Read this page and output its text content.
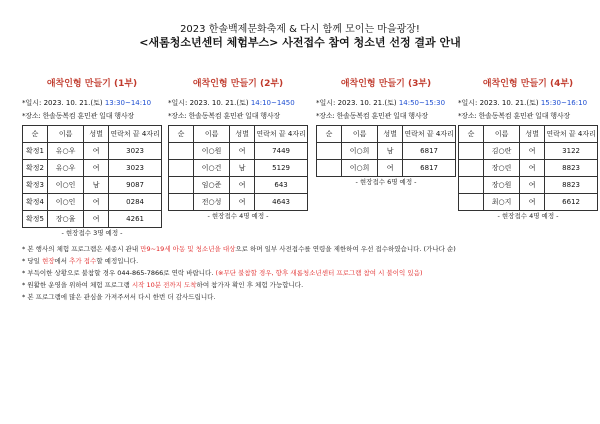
2023 한솔백제문화축제 & 다시 함께 모이는 마을광장!
<새롬청소년센터 체험부스> 사전접수 참여 청소년 선정 결과 안내
애착인형 만들기 (1부)
*일시: 2023. 10. 21.(토) 13:30~14:10
*장소: 한솔동복컴 훈민관 일대 행사장
순	이름	성별	연락처 끝 4자리
확정1	유○우	여	3023
확정2	유○우	여	3023
확정3	이○인	남	9087
확정4	이○인	여	0284
확정5	장○율	여	4261
- 현장접수 3명 예정 -
애착인형 만들기 (2부)
*일시: 2023. 10. 21.(토) 14:10~1450
*장소: 한솔동복컴 훈민관 일대 행사장
순	이름	성별	연락처 끝 4자리
	이○원	여	7449
	이○건	남	5129
	임○준	여	643
	전○성	여	4643
- 현장접수 4명 예정 -
애착인형 만들기 (3부)
*일시: 2023. 10. 21.(토) 14:50~15:30
*장소: 한솔동복컴 훈민관 일대 행사장
순	이름	성별	연락처 끝 4자리
	이○희	남	6817
	이○희	여	6817
- 현장접수 6명 예정 -
애착인형 만들기 (4부)
*일시: 2023. 10. 21.(토) 15:30~16:10
*장소: 한솔동복컴 훈민관 일대 행사장
순	이름	성별	연락처 끝 4자리
	김○란	여	3122
	장○린	여	8823
	장○원	여	8823
	최○지	여	6612
- 현장접수 4명 예정 -
* 본 행사의 체험 프로그램은 세종시 관내 만9~19세 아동 및 청소년을 대상으로 하며 일부 사전접수를 연령을 제한하여 우선 접수하였습니다. (가나다 순)
* 당일 현장에서 추가 접수할 예정입니다.
* 부득이한 상황으로 불참할 경우 044-865-7866로 연락 바랍니다. (※무단 불참할 경우, 향후 새롬청소년센터 프로그램 참여 시 불이익 있음)
* 원활한 운영을 위하여 체험 프로그램 시작 10분 전까지 도착하여 참가자 확인 후 체험 가능합니다.
* 본 프로그램에 많은 관심을 가져주셔서 다시 한번 더 감사드립니다.
